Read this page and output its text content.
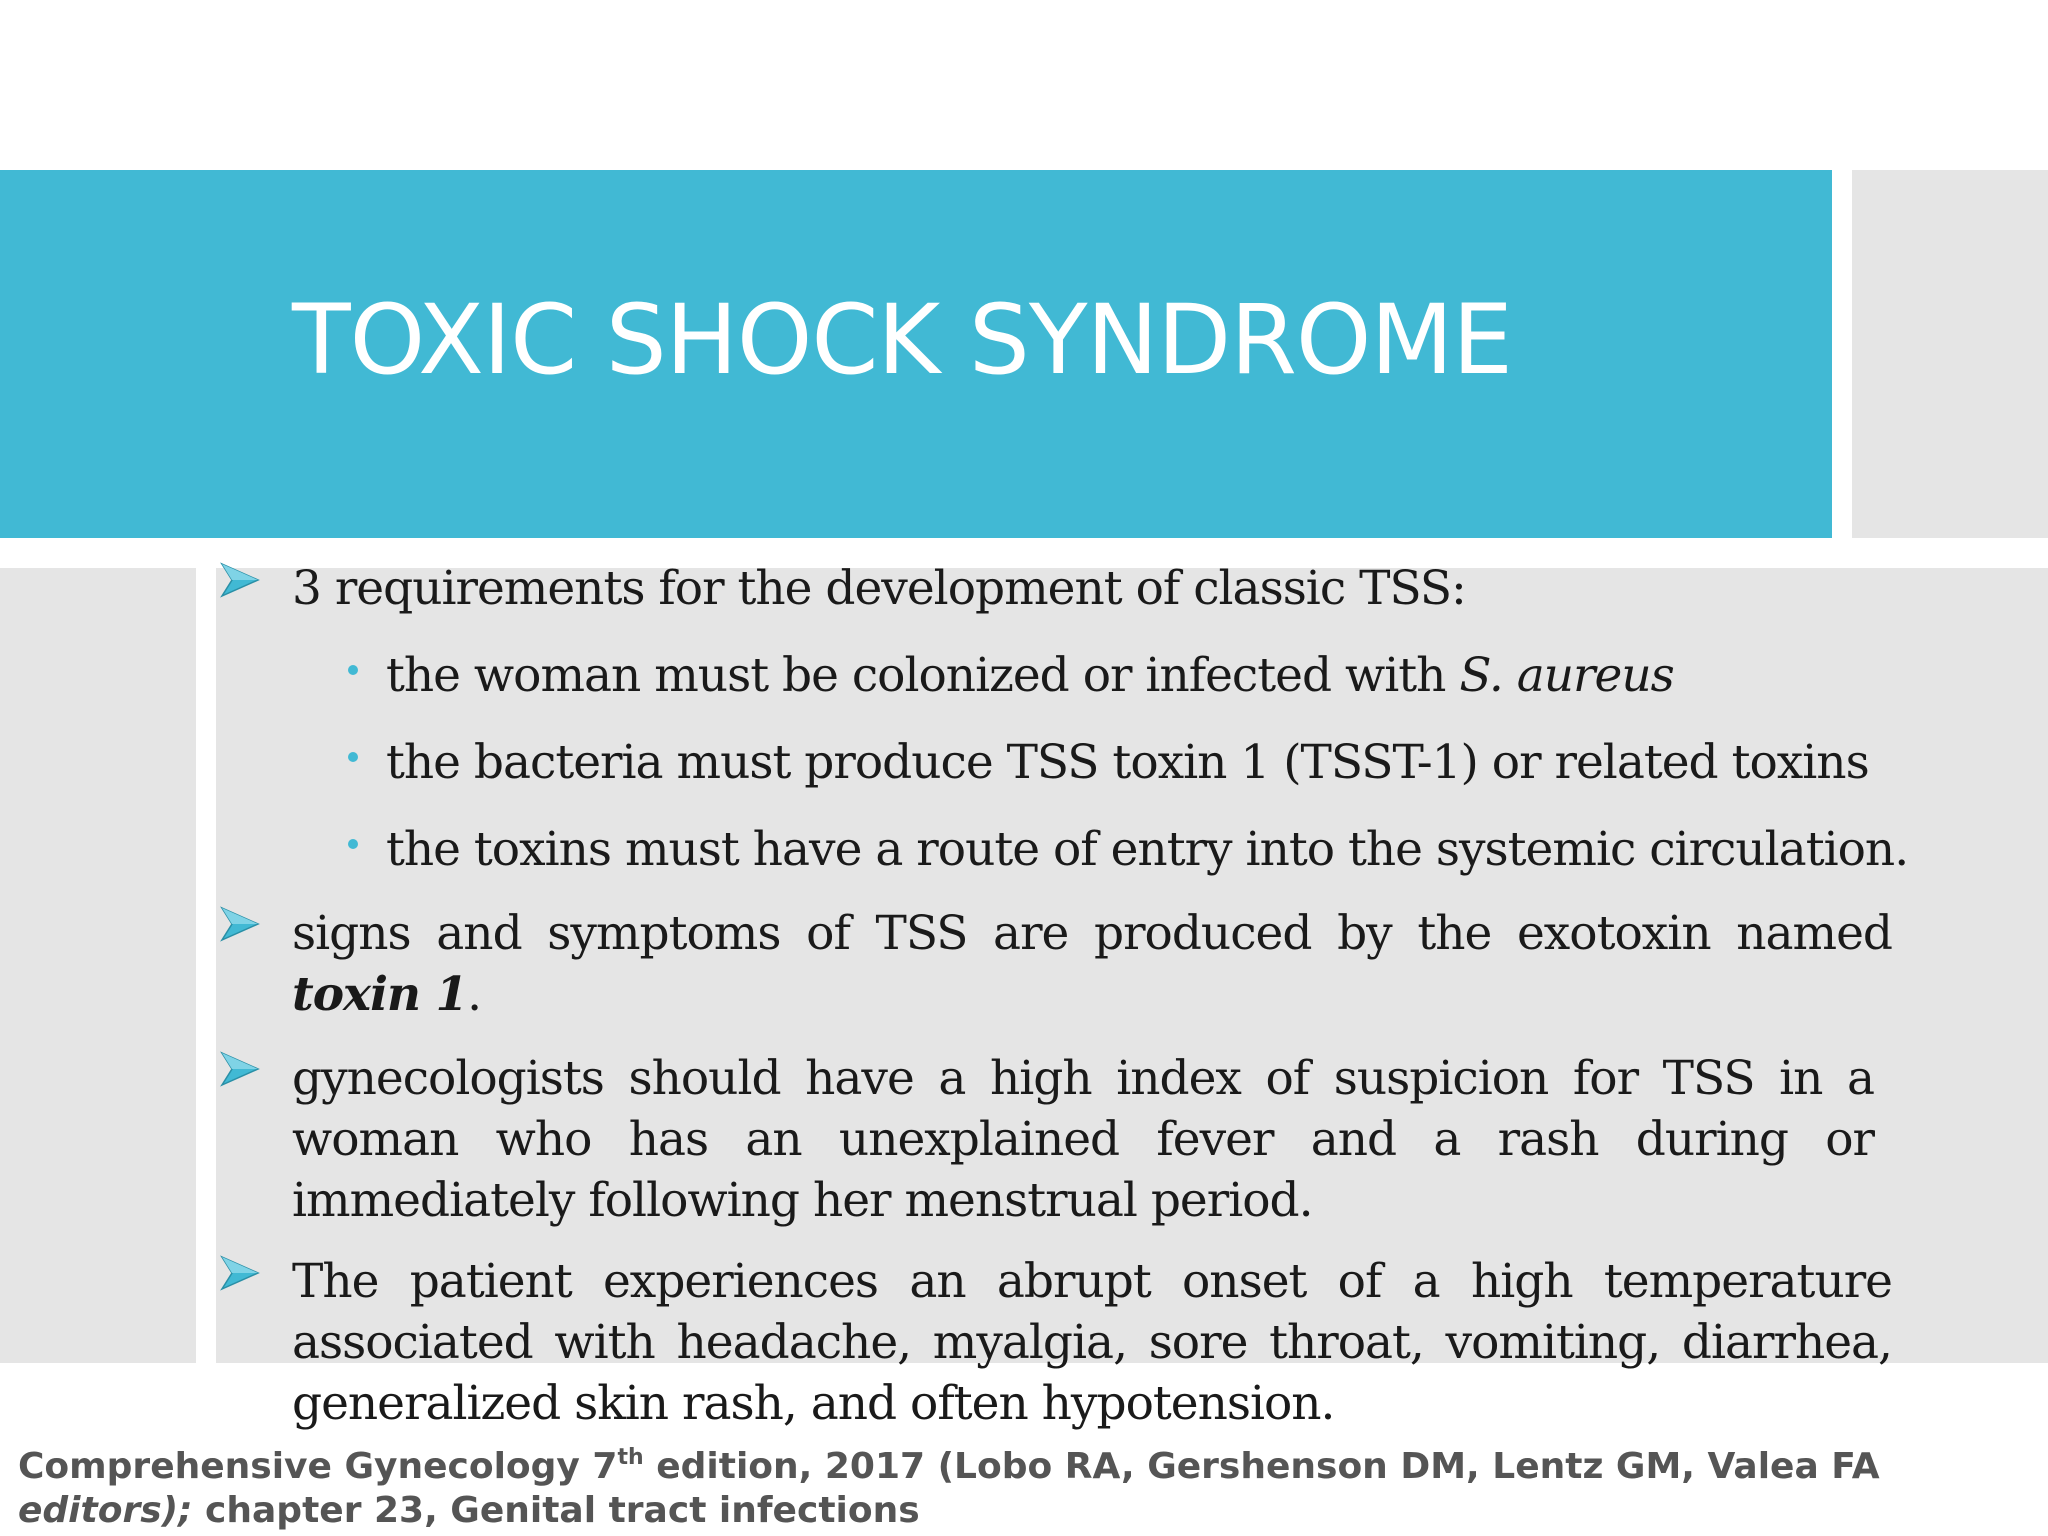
TOXIC SHOCK SYNDROME

3 requirements for the development of classic TSS:

the woman must be colonized or infected with S. aureus

the bacteria must produce TSS toxin 1 (TSST-1) or related toxins

the toxins must have a route of entry into the systemic circulation.

signs and symptoms of TSS are produced by the exotoxin named toxin 1.

gynecologists should have a high index of suspicion for TSS in a woman who has an unexplained fever and a rash during or immediately following her menstrual period.

The patient experiences an abrupt onset of a high temperature associated with headache, myalgia, sore throat, vomiting, diarrhea, generalized skin rash, and often hypotension.

Comprehensive Gynecology 7th edition, 2017 (Lobo RA, Gershenson DM, Lentz GM, Valea FA editors); chapter 23, Genital tract infections
